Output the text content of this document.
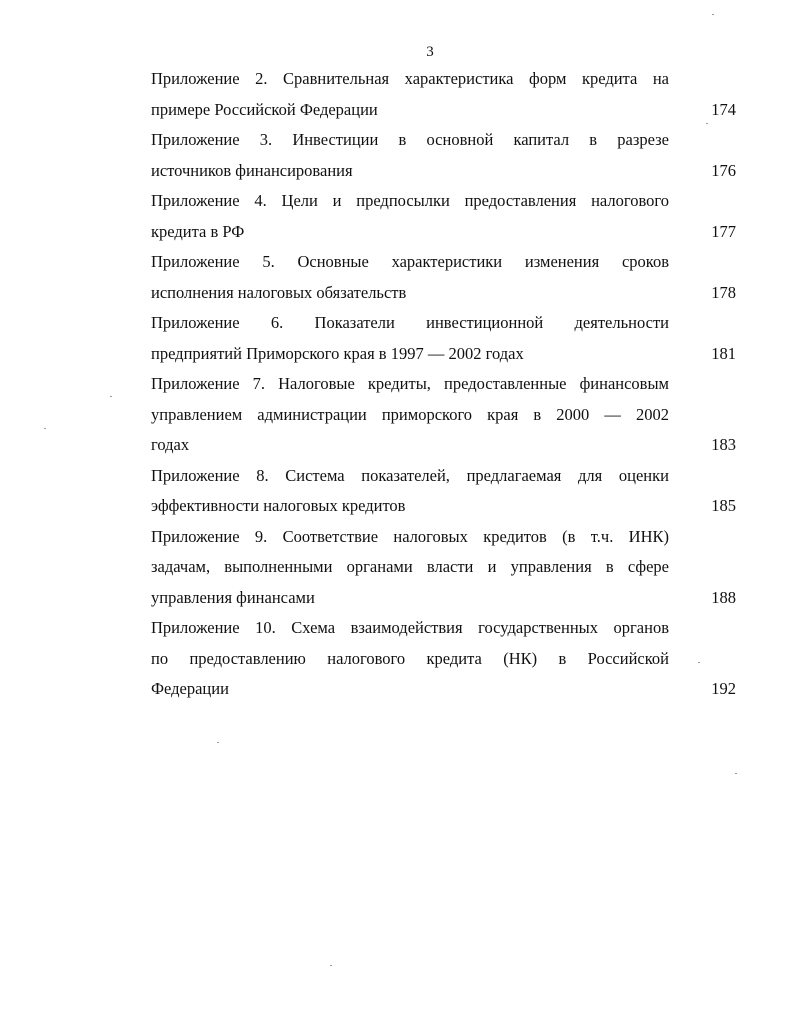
3
Приложение 2. Сравнительная характеристика форм кредита на
примере Российской Федерации	174
Приложение 3. Инвестиции в основной капитал в разрезе
источников финансирования	176
Приложение 4. Цели и предпосылки предоставления налогового
кредита в РФ	177
Приложение 5. Основные характеристики изменения сроков
исполнения налоговых обязательств	178
Приложение 6. Показатели инвестиционной деятельности
предприятий Приморского края в 1997 — 2002 годах	181
Приложение 7. Налоговые кредиты, предоставленные финансовым
управлением администрации приморского края в 2000 — 2002
годах	183
Приложение 8. Система показателей, предлагаемая для оценки
эффективности налоговых кредитов	185
Приложение 9. Соответствие налоговых кредитов (в т.ч. ИНК)
задачам, выполненными органами власти и управления в сфере
управления финансами	188
Приложение 10. Схема взаимодействия государственных органов
по предоставлению налогового кредита (НК) в Российской
Федерации	192
